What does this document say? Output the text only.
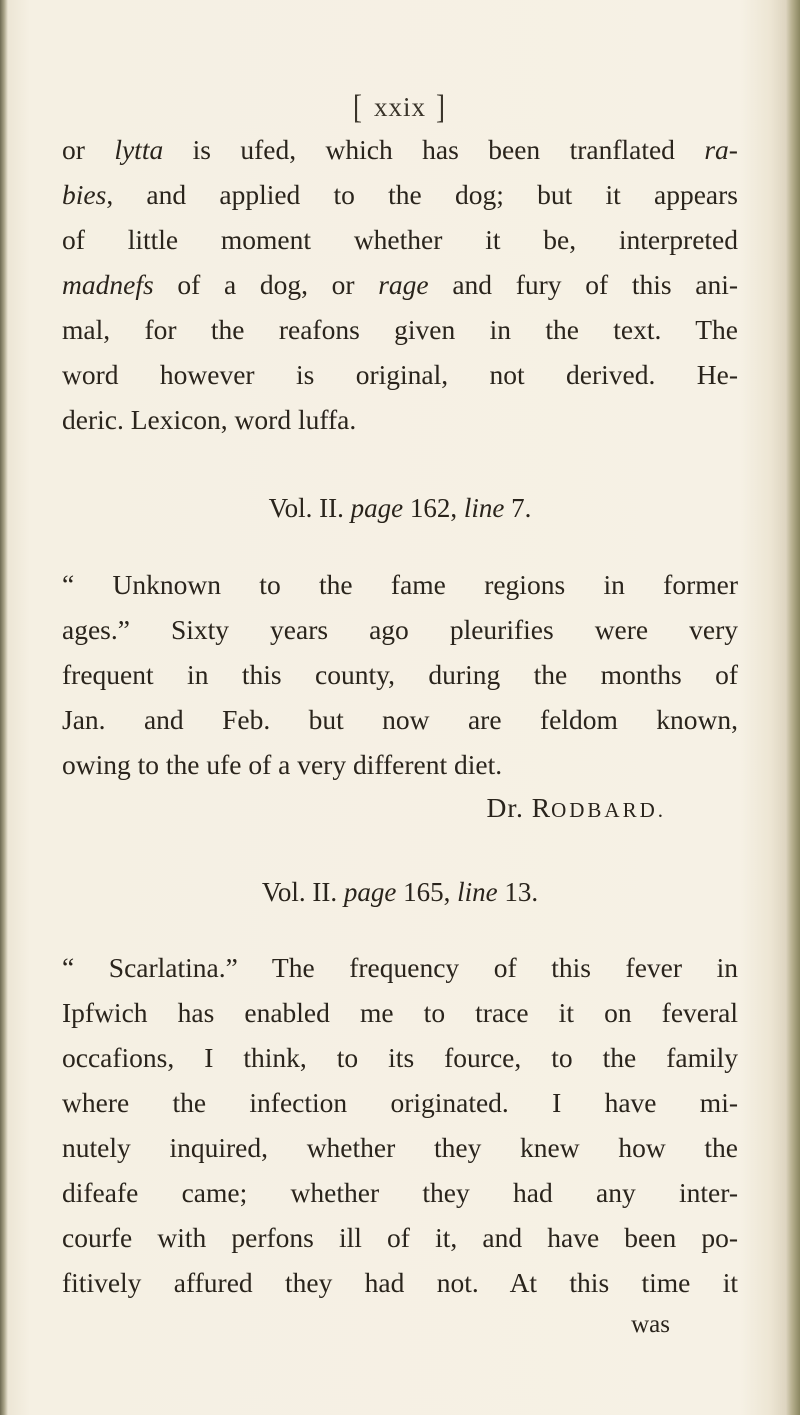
[ xxix ]
or lytta is ufed, which has been tranflated ra-
bies, and applied to the dog; but it appears
of little moment whether it be, interpreted
madnefs of a dog, or rage and fury of this ani-
mal, for the reafons given in the text. The
word however is original, not derived. He-
deric. Lexicon, word luffa.
Vol. II. page 162, line 7.
“ Unknown to the fame regions in former
ages.” Sixty years ago pleurifies were very
frequent in this county, during the months of
Jan. and Feb. but now are feldom known,
owing to the ufe of a very different diet.
Dr. RODBARD.
Vol. II. page 165, line 13.
“ Scarlatina.” The frequency of this fever in
Ipfwich has enabled me to trace it on feveral
occafions, I think, to its fource, to the family
where the infection originated. I have mi-
nutely inquired, whether they knew how the
difeafe came; whether they had any inter-
courfe with perfons ill of it, and have been po-
fitively affured they had not. At this time it
was
